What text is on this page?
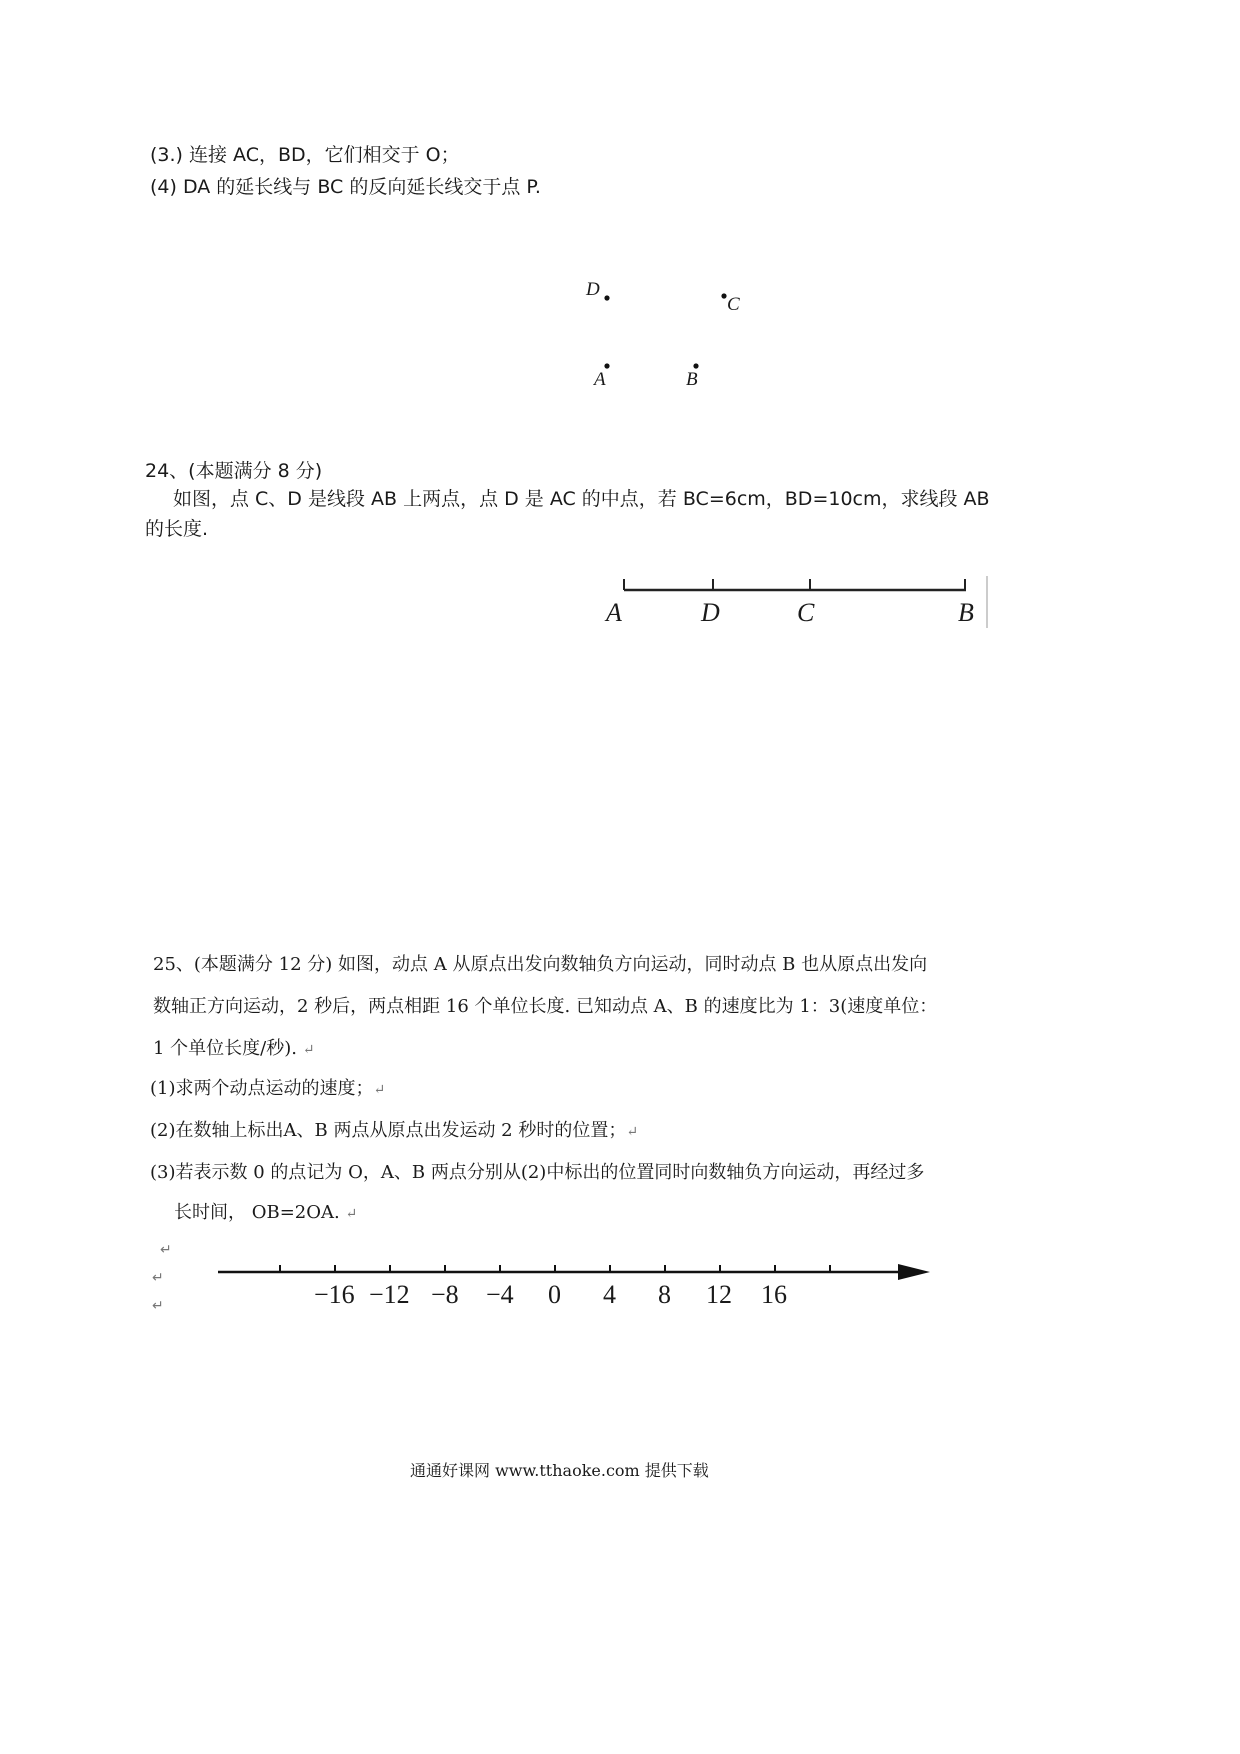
(3.) 连接 AC，BD，它们相交于 O；
(4) DA 的延长线与 BC 的反向延长线交于点 P.
D
C
A	B
24、(本题满分 8 分)
如图，点 C、D 是线段 AB 上两点，点 D 是 AC 的中点，若 BC=6cm，BD=10cm，求线段 AB
的长度.
A	D	C	B
25、(本题满分 12 分) 如图，动点 A 从原点出发向数轴负方向运动，同时动点 B 也从原点出发向
数轴正方向运动，2 秒后，两点相距 16 个单位长度. 已知动点 A、B 的速度比为 1：3(速度单位：
1 个单位长度/秒). ↵
(1)求两个动点运动的速度；↵
(2)在数轴上标出A、B 两点从原点出发运动 2 秒时的位置；↵
(3)若表示数 0 的点记为 O，A、B 两点分别从(2)中标出的位置同时向数轴负方向运动，再经过多
长时间， OB=2OA. ↵
↵
↵
↵	−16 −12 −8 −4 0 4 8 12 16
通通好课网 www.tthaoke.com 提供下载
